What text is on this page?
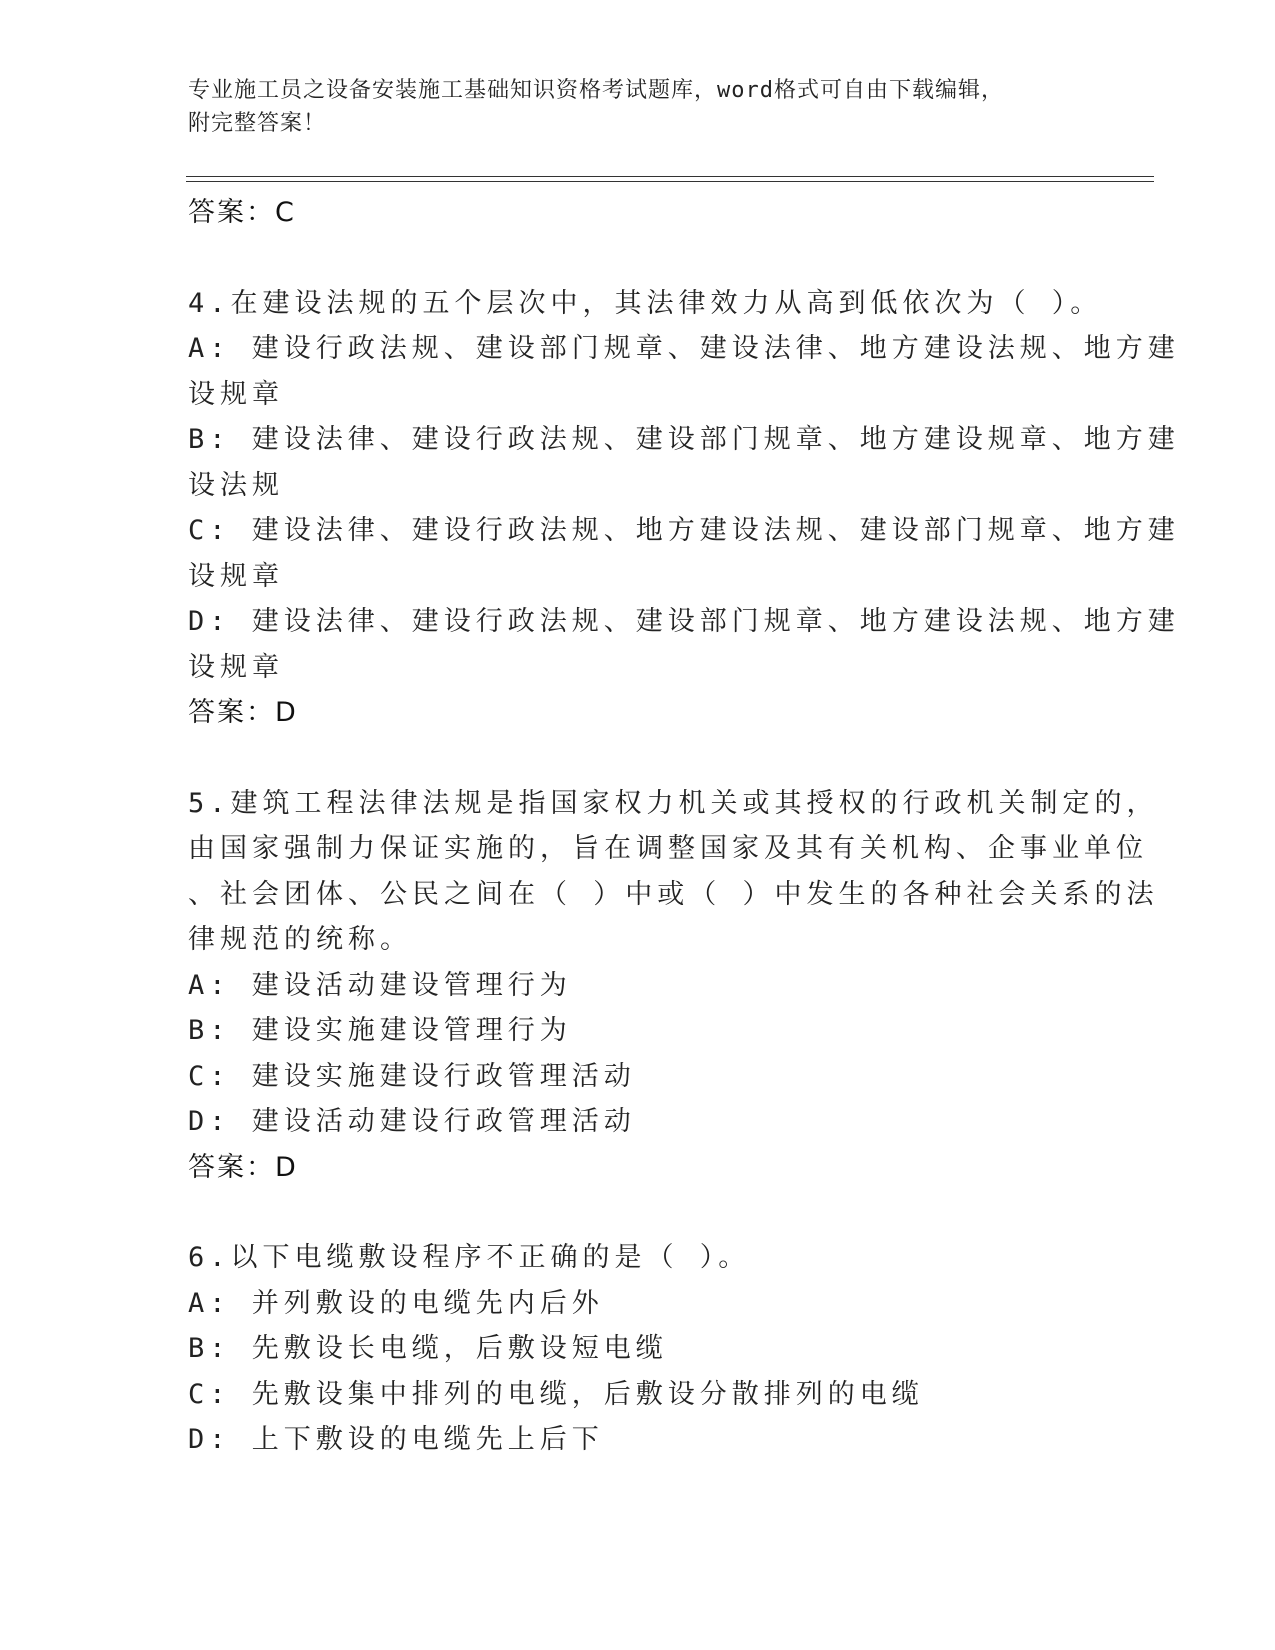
专业施工员之设备安装施工基础知识资格考试题库，word格式可自由下载编辑，
附完整答案！
答案：C
4.在建设法规的五个层次中，其法律效力从高到低依次为（ ）。
A: 建设行政法规、建设部门规章、建设法律、地方建设法规、地方建
设规章
B: 建设法律、建设行政法规、建设部门规章、地方建设规章、地方建
设法规
C: 建设法律、建设行政法规、地方建设法规、建设部门规章、地方建
设规章
D: 建设法律、建设行政法规、建设部门规章、地方建设法规、地方建
设规章
答案：D
5.建筑工程法律法规是指国家权力机关或其授权的行政机关制定的，
由国家强制力保证实施的，旨在调整国家及其有关机构、企事业单位
、社会团体、公民之间在（ ）中或（ ）中发生的各种社会关系的法
律规范的统称。
A: 建设活动建设管理行为
B: 建设实施建设管理行为
C: 建设实施建设行政管理活动
D: 建设活动建设行政管理活动
答案：D
6.以下电缆敷设程序不正确的是（ ）。
A: 并列敷设的电缆先内后外
B: 先敷设长电缆，后敷设短电缆
C: 先敷设集中排列的电缆，后敷设分散排列的电缆
D: 上下敷设的电缆先上后下
